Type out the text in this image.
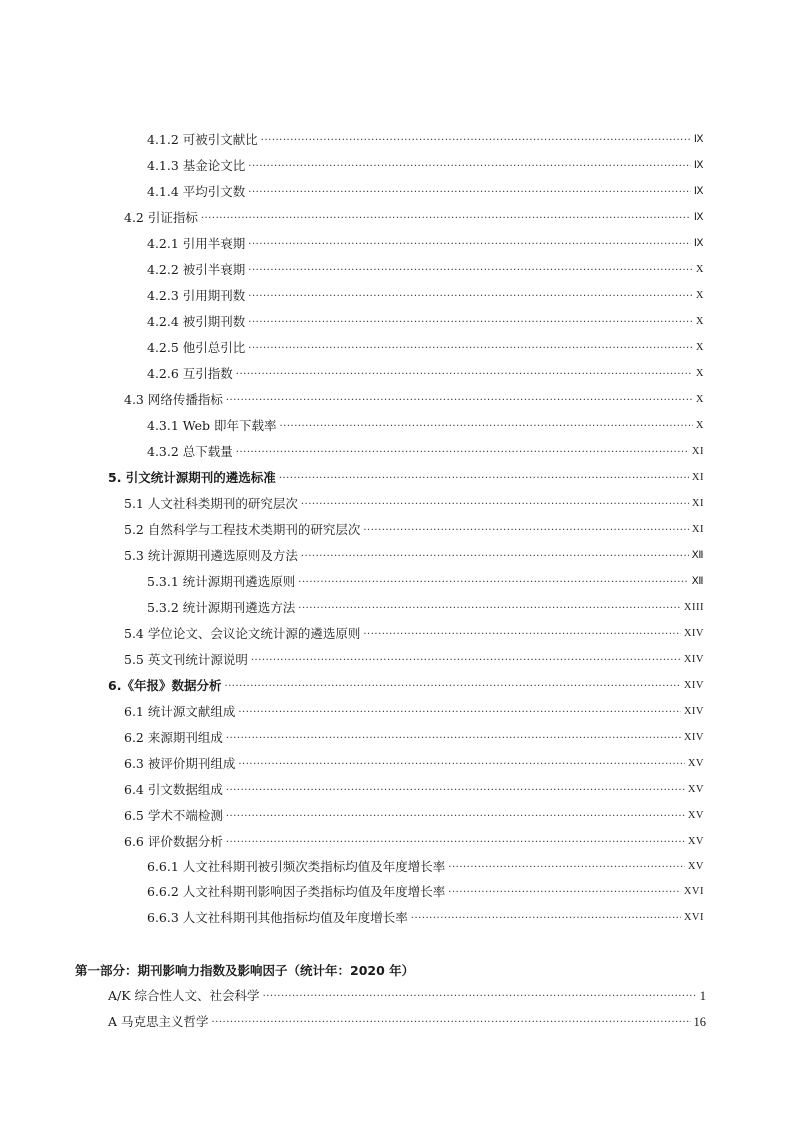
4.1.2 可被引文献比 ·····	Ⅸ
4.1.3 基金论文比 ·····	Ⅸ
4.1.4 平均引文数 ·····	Ⅸ
4.2 引证指标 ·····	Ⅸ
4.2.1 引用半衰期 ·····	Ⅸ
4.2.2 被引半衰期 ·····	X
4.2.3 引用期刊数 ·····	X
4.2.4 被引期刊数 ·····	X
4.2.5 他引总引比 ·····	X
4.2.6 互引指数 ·····	X
4.3 网络传播指标 ·····	X
4.3.1 Web 即年下载率 ·····	X
4.3.2 总下载量 ·····	XI
5. 引文统计源期刊的遴选标准 ·····	XI
5.1 人文社科类期刊的研究层次 ·····	XI
5.2 自然科学与工程技术类期刊的研究层次 ·····	XI
5.3 统计源期刊遴选原则及方法 ·····	Ⅻ
5.3.1 统计源期刊遴选原则 ·····	Ⅻ
5.3.2 统计源期刊遴选方法 ·····	XIII
5.4 学位论文、会议论文统计源的遴选原则 ·····	XIV
5.5 英文刊统计源说明 ·····	XIV
6.《年报》数据分析 ·····	XIV
6.1 统计源文献组成 ·····	XIV
6.2 来源期刊组成 ·····	XIV
6.3 被评价期刊组成 ·····	XV
6.4 引文数据组成 ·····	XV
6.5 学术不端检测 ·····	XV
6.6 评价数据分析 ·····	XV
6.6.1 人文社科期刊被引频次类指标均值及年度增长率 ·····	XV
6.6.2 人文社科期刊影响因子类指标均值及年度增长率 ·····	XVI
6.6.3 人文社科期刊其他指标均值及年度增长率 ·····	XVI
第一部分：期刊影响力指数及影响因子（统计年：2020 年）
A/K 综合性人文、社会科学 ·····	1
A 马克思主义哲学 ·····	16
